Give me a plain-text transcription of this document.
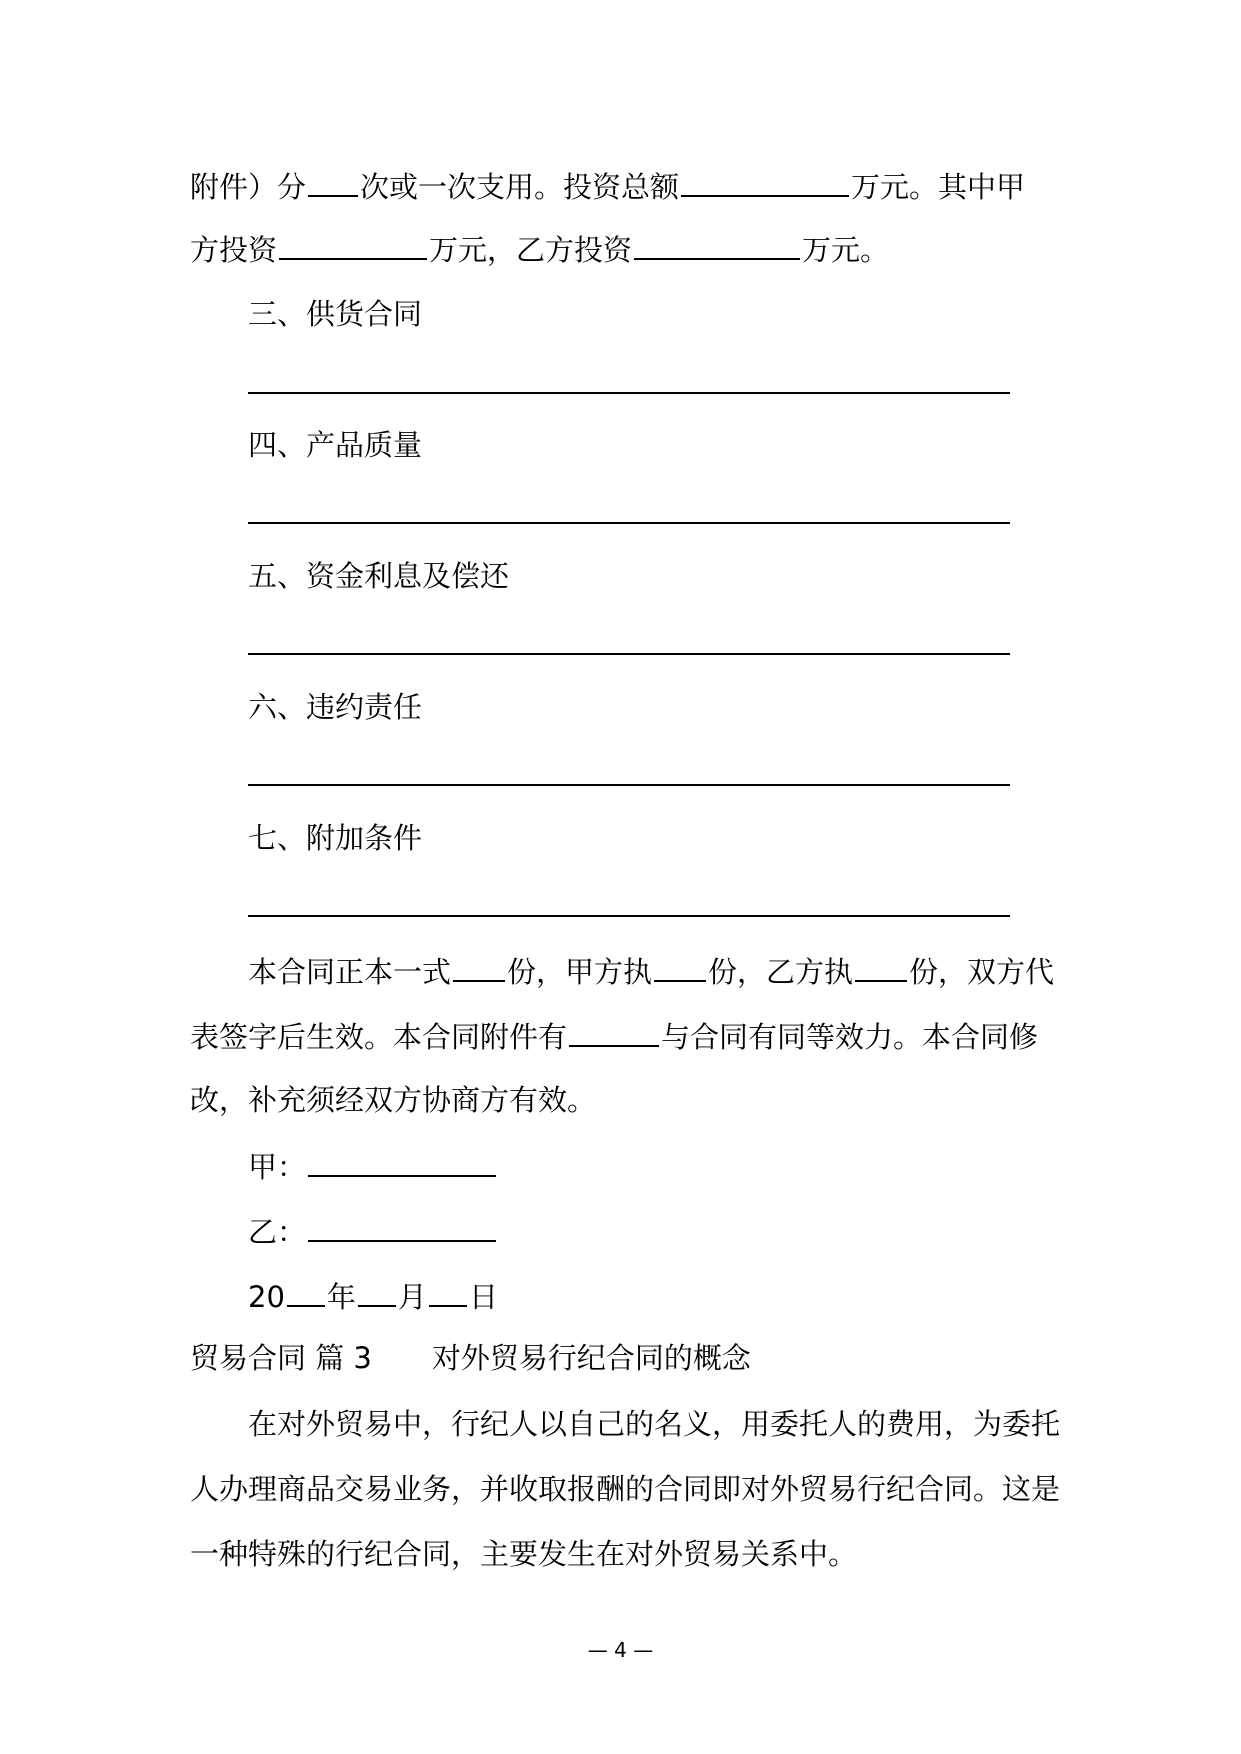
附件）分 次或一次支用。投资总额	万元。其中甲
方投资	万元，乙方投资	万元。
三、供货合同
四、产品质量
五、资金利息及偿还
六、违约责任
七、附加条件
本合同正本一式 份，甲方执 份，乙方执 份，双方代
表签字后生效。本合同附件有	与合同有同等效力。本合同修
改，补充须经双方协商方有效。
甲：
乙：
20 年 月 日
贸易合同 篇 3 对外贸易行纪合同的概念
在对外贸易中，行纪人以自己的名义，用委托人的费用，为委托
人办理商品交易业务，并收取报酬的合同即对外贸易行纪合同。这是
一种特殊的行纪合同，主要发生在对外贸易关系中。
— 4 —
